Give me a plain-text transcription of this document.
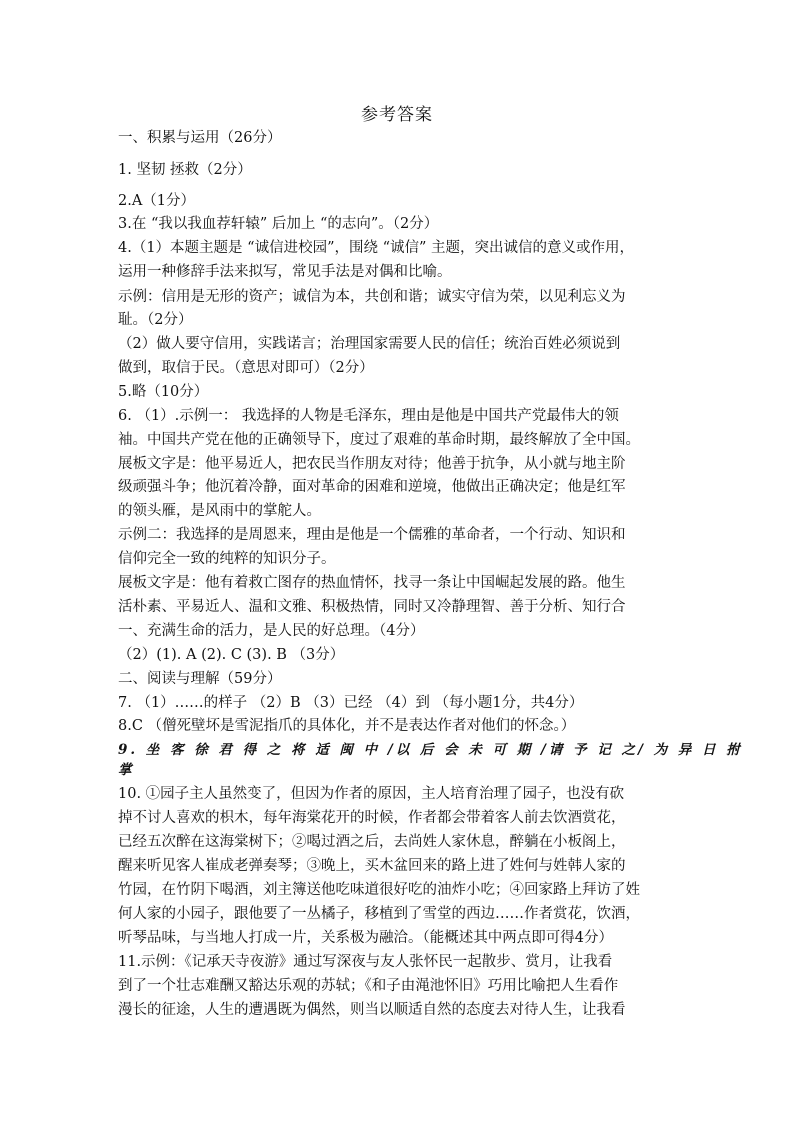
参考答案
一、积累与运用（26分）
1. 坚韧 拯救（2分）
2.A（1分）
3.在 “我以我血荐轩辕” 后加上 “的志向”。（2分）
4.（1）本题主题是 “诚信进校园”，围绕 “诚信” 主题，突出诚信的意义或作用，
运用一种修辞手法来拟写，常见手法是对偶和比喻。
示例：信用是无形的资产；诚信为本，共创和谐；诚实守信为荣，以见利忘义为
耻。（2分）
（2）做人要守信用，实践诺言；治理国家需要人民的信任；统治百姓必须说到
做到，取信于民。（意思对即可）（2分）
5.略（10分）
6. （1）.示例一： 我选择的人物是毛泽东，理由是他是中国共产党最伟大的领
袖。中国共产党在他的正确领导下，度过了艰难的革命时期，最终解放了全中国。
展板文字是：他平易近人，把农民当作朋友对待；他善于抗争，从小就与地主阶
级顽强斗争；他沉着冷静，面对革命的困难和逆境，他做出正确决定；他是红军
的领头雁，是风雨中的掌舵人。
示例二：我选择的是周恩来，理由是他是一个儒雅的革命者，一个行动、知识和
信仰完全一致的纯粹的知识分子。
展板文字是：他有着救亡图存的热血情怀，找寻一条让中国崛起发展的路。他生
活朴素、平易近人、温和文雅、积极热情，同时又冷静理智、善于分析、知行合
一、充满生命的活力，是人民的好总理。（4分）
（2）(1). A (2). C (3). B （3分）
二、阅读与理解（59分）
7. （1）……的样子 （2）B （3）已经 （4）到 （每小题1分，共4分）
8.C （僧死壁坏是雪泥指爪的具体化，并不是表达作者对他们的怀念。）
9. 坐 客 徐 君 得 之 将 适 闽 中 /以 后 会 未 可 期 /请 予 记 之/ 为 异 日 拊
掌
10. ①园子主人虽然变了，但因为作者的原因，主人培育治理了园子，也没有砍
掉不讨人喜欢的枳木，每年海棠花开的时候，作者都会带着客人前去饮酒赏花，
已经五次醉在这海棠树下；②喝过酒之后，去尚姓人家休息，醉躺在小板阁上，
醒来听见客人崔成老弹奏琴；③晚上，买木盆回来的路上进了姓何与姓韩人家的
竹园，在竹阴下喝酒，刘主簿送他吃味道很好吃的油炸小吃；④回家路上拜访了姓
何人家的小园子，跟他要了一丛橘子，移植到了雪堂的西边……作者赏花，饮酒，
听琴品味，与当地人打成一片，关系极为融洽。（能概述其中两点即可得4分）
11.示例：《记承天寺夜游》通过写深夜与友人张怀民一起散步、赏月，让我看
到了一个壮志难酬又豁达乐观的苏轼；《和子由渑池怀旧》巧用比喻把人生看作
漫长的征途，人生的遭遇既为偶然，则当以顺适自然的态度去对待人生，让我看
